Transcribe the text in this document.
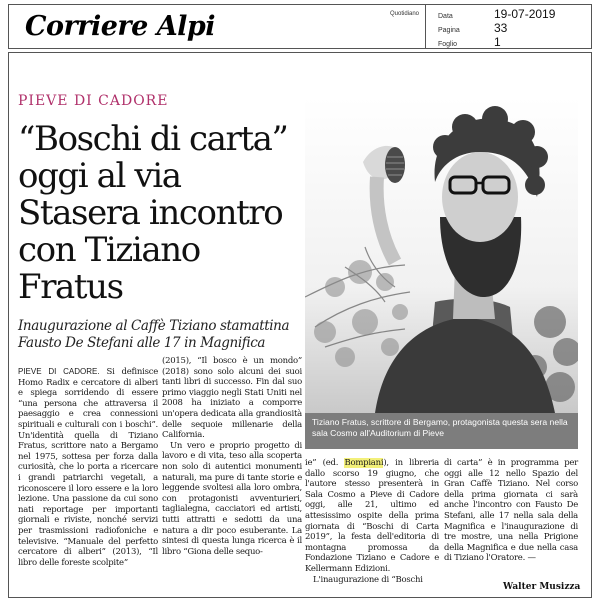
Corriere Alpi	Quotidiano	Data	19-07-2019
Pagina	33
Foglio	1
PIEVE DI CADORE
“Boschi di carta”
oggi al via
Stasera incontro
con Tiziano Fratus
Inaugurazione al Caffè Tiziano stamattina
Fausto De Stefani alle 17 in Magnifica
Tiziano Fratus, scrittore di Bergamo, protagonista questa sera nella sala Cosmo all'Auditorium di Pieve

PIEVE DI CADORE. Si definisce Homo Radix e cercatore di alberi e spiega sorridendo di essere “una persona che attraversa il paesaggio e crea connessioni spirituali e culturali con i boschi”. Un'identità quella di Tiziano Fratus, scrittore nato a Bergamo nel 1975, sottesa per forza dalla curiosità, che lo porta a ricercare i grandi patriarchi vegetali, a riconoscere il loro essere e la loro lezione. Una passione da cui sono nati reportage per importanti giornali e riviste, nonché servizi per trasmissioni radiofoniche e televisive. “Manuale del perfetto cercatore di alberi” (2013), “Il libro delle foreste scolpite”

(2015), “Il bosco è un mondo” (2018) sono solo alcuni dei suoi tanti libri di successo. Fin dal suo primo viaggio negli Stati Uniti nel 2008 ha iniziato a comporre un'opera dedicata alla grandiosità delle sequoie millenarie della California.

Un vero e proprio progetto di lavoro e di vita, teso alla scoperta non solo di autentici monumenti naturali, ma pure di tante storie e leggende svoltesi alla loro ombra, con protagonisti avventurieri, taglialegna, cacciatori ed artisti, tutti attratti e sedotti da una natura a dir poco esuberante. La sintesi di questa lunga ricerca è il libro “Giona delle sequo-

ie” (ed. Bompiani), in libreria dallo scorso 19 giugno, che l'autore stesso presenterà in Sala Cosmo a Pieve di Cadore oggi, alle 21, ultimo ed attesissimo ospite della prima giornata di “Boschi di Carta 2019”, la festa dell'editoria di montagna promossa da Fondazione Tiziano e Cadore e Kellermann Edizioni.

L'inaugurazione di “Boschi

di carta” è in programma per oggi alle 12 nello Spazio del Gran Caffè Tiziano. Nel corso della prima giornata ci sarà anche l'incontro con Fausto De Stefani, alle 17 nella sala della Magnifica e l'inaugurazione di tre mostre, una nella Prigione della Magnifica e due nella casa di Tiziano l'Oratore. —

Walter Musizza
